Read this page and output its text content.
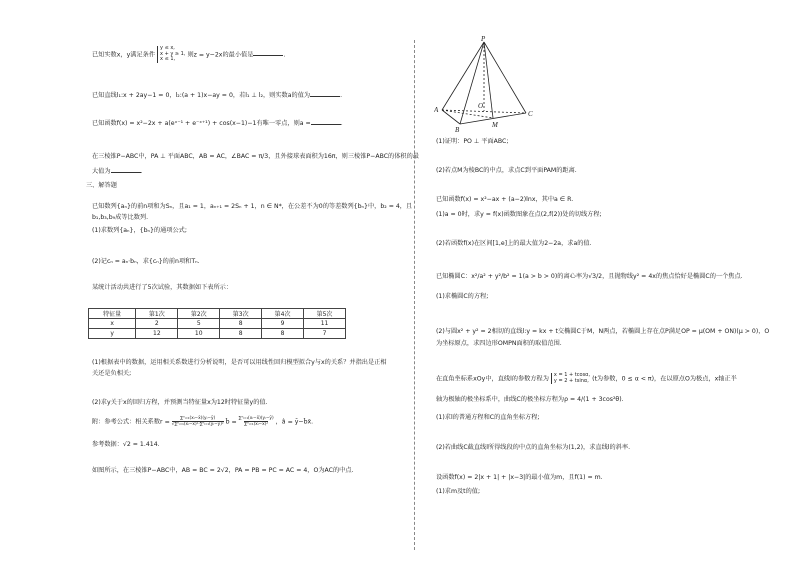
已知实数x，y满足条件y ≤ x,
x + y ≥ 1,
x ≤ 1,则z = y−2x的最小值是	.
已知直线l₁:x + 2ay−1 = 0，l₂:(a + 1)x−ay = 0，若l₁ ⊥ l₂，则实数a的值为	.
已知函数f(x) = x²−2x + a(eˣ⁻¹ + e⁻ˣ⁺¹) + cos(x−1)−1有唯一零点，则a =	.
在三棱锥P−ABC中，PA ⊥ 平面ABC，AB = AC，∠BAC = π/3，且外接球表面积为16π，则三棱锥P−ABC的体积的最
大值为	.
三、解答题
已知数列{aₙ}的前n项和为Sₙ，且a₁ = 1，aₙ₊₁ = 2Sₙ + 1，n ∈ N*，在公差不为0的等差数列{bₙ}中，b₂ = 4，且
b₁,b₃,b₉成等比数列.
(1)求数列{aₙ}，{bₙ}的通项公式;
(2)记cₙ = aₙ⋅bₙ，求{cₙ}的前n项和Tₙ.
某统计活动共进行了5次试验，其数据如下表所示：
特征量	第1次	第2次	第3次	第4次	第5次
x	2	5	8	9	11
y	12	10	8	8	7
(1)根据表中的数据，运用相关系数进行分析说明，是否可以用线性回归模型拟合y与x的关系？并指出是正相
关还是负相关;
(2)求y关于x的回归方程，并预测当特征量x为12时特征量y的值.
附：参考公式：相关系数$r = \frac{\text{∑ⁿᵢ₌₁(xᵢ−x̄)(yᵢ−ȳ)}}{\text{√∑ⁿᵢ₌₁(xᵢ−x̄)²·∑ⁿᵢ₌₁(yᵢ−ȳ)²}}$ b̂ = $\frac{\text{∑ⁿᵢ₌₁(xᵢ−x̄)(yᵢ−ȳ)}}{\text{∑ⁿᵢ₌₁(xᵢ−x̄)²}}$ ，â = ȳ−b̂x̄.
参考数据：√2 = 1.414.
如图所示，在三棱锥P−ABC中，AB = BC = 2√2，PA = PB = PC = AC = 4，O为AC的中点.
P
A
B
C
O
M
(1)证明：PO ⊥ 平面ABC;
(2)若点M为棱BC的中点，求点C到平面PAM的距离.
已知函数f(x) = x²−ax + (a−2)lnx，其中a ∈ R.
(1)a = 0时，求y = f(x)函数图象在点(2,f(2))处的切线方程;
(2)若函数f(x)在区间[1,e]上的最大值为2−2a，求a的值.
已知椭圆C：x²/a² + y²/b² = 1(a > b > 0)的离心率为√3/2，且抛物线y² = 4x的焦点恰好是椭圆C的一个焦点.
(1)求椭圆C的方程;
(2)与圆x² + y² = 2相切的直线l:y = kx + t交椭圆C于M，N两点，若椭圆上存在点P满足OP = μ(OM + ON)(μ > 0)，O
为坐标原点，求四边形OMPN面积的取值范围.
在直角坐标系xOy中，直线l的参数方程为x = 1 + tcosα,
y = 2 + tsinα, (t为参数，0 ≤ α < π)，在以原点O为极点，x轴正半
轴为极轴的极坐标系中，曲线C的极坐标方程为ρ = 4/(1 + 3cos²θ).
(1)求l的普通方程和C的直角坐标方程;
(2)若曲线C截直线l所得线段的中点的直角坐标为(1,2)，求直线l的斜率.
设函数f(x) = 2|x + 1| + |x−3|的最小值为m，且f(1) = m.
(1)求m及t的值;
